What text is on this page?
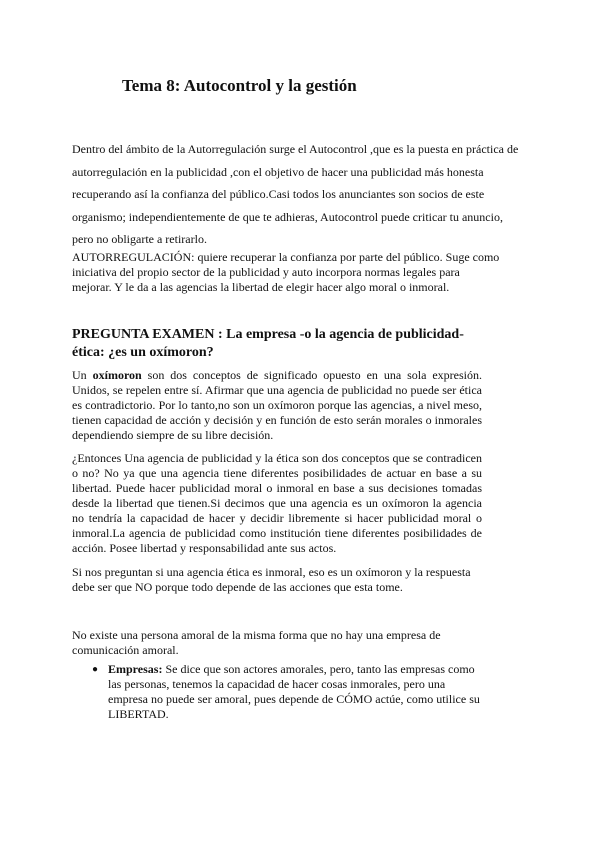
Tema 8: Autocontrol y la gestión

Dentro del ámbito de la Autorregulación surge el Autocontrol ,que es la puesta en práctica de autorregulación en la publicidad ,con el objetivo de hacer una publicidad más honesta recuperando así la confianza del público.Casi todos los anunciantes son socios de este organismo; independientemente de que te adhieras, Autocontrol puede criticar tu anuncio, pero no obligarte a retirarlo.

AUTORREGULACIÓN: quiere recuperar la confianza por parte del público. Suge como iniciativa del propio sector de la publicidad y auto incorpora normas legales para mejorar. Y le da a las agencias la libertad de elegir hacer algo moral o inmoral.

PREGUNTA EXAMEN : La empresa -o la agencia de publicidad- ética: ¿es un oxímoron?

Un oxímoron son dos conceptos de significado opuesto en una sola expresión. Unidos, se repelen entre sí. Afirmar que una agencia de publicidad no puede ser ética es contradictorio. Por lo tanto,no son un oxímoron porque las agencias, a nivel meso, tienen capacidad de acción y decisión y en función de esto serán morales o inmorales dependiendo siempre de su libre decisión.

¿Entonces Una agencia de publicidad y la ética son dos conceptos que se contradicen o no? No ya que una agencia tiene diferentes posibilidades de actuar en base a su libertad. Puede hacer publicidad moral o inmoral en base a sus decisiones tomadas desde la libertad que tienen.Si decimos que una agencia es un oxímoron la agencia no tendría la capacidad de hacer y decidir libremente si hacer publicidad moral o inmoral.La agencia de publicidad como institución tiene diferentes posibilidades de acción. Posee libertad y responsabilidad ante sus actos.

Si nos preguntan si una agencia ética es inmoral, eso es un oxímoron y la respuesta debe ser que NO porque todo depende de las acciones que esta tome.

No existe una persona amoral de la misma forma que no hay una empresa de comunicación amoral.

● Empresas: Se dice que son actores amorales, pero, tanto las empresas como las personas, tenemos la capacidad de hacer cosas inmorales, pero una empresa no puede ser amoral, pues depende de CÓMO actúe, como utilice su LIBERTAD.
